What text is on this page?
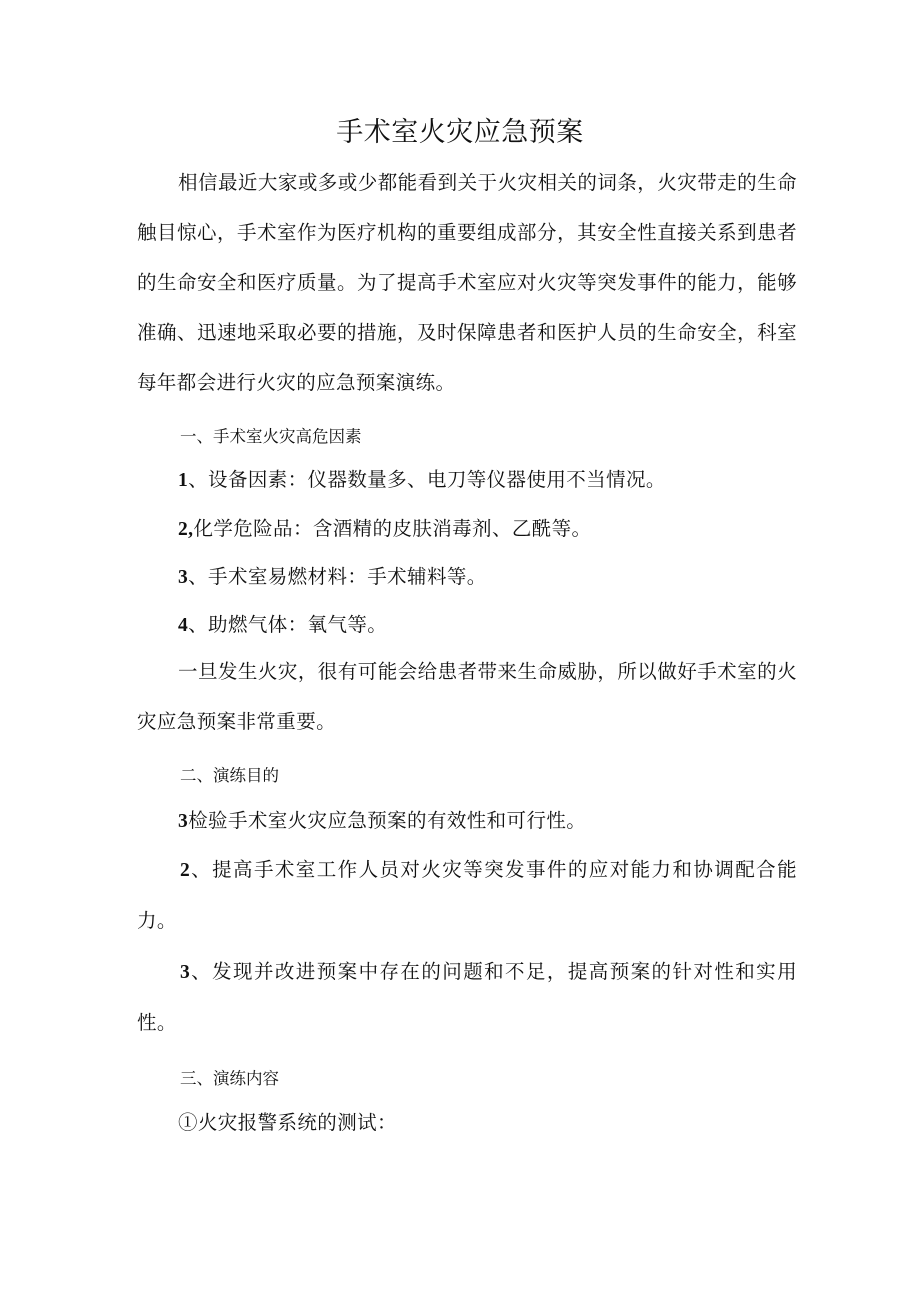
手术室火灾应急预案
相信最近大家或多或少都能看到关于火灾相关的词条，火灾带走的生命触目惊心，手术室作为医疗机构的重要组成部分，其安全性直接关系到患者的生命安全和医疗质量。为了提高手术室应对火灾等突发事件的能力，能够准确、迅速地采取必要的措施，及时保障患者和医护人员的生命安全，科室每年都会进行火灾的应急预案演练。
一、手术室火灾高危因素
1、设备因素：仪器数量多、电刀等仪器使用不当情况。
2,化学危险品：含酒精的皮肤消毒剂、乙酰等。
3、手术室易燃材料：手术辅料等。
4、助燃气体：氧气等。
一旦发生火灾，很有可能会给患者带来生命威胁，所以做好手术室的火灾应急预案非常重要。
二、演练目的
3检验手术室火灾应急预案的有效性和可行性。
2、提高手术室工作人员对火灾等突发事件的应对能力和协调配合能力。
3、发现并改进预案中存在的问题和不足，提高预案的针对性和实用性。
三、演练内容
①火灾报警系统的测试：
